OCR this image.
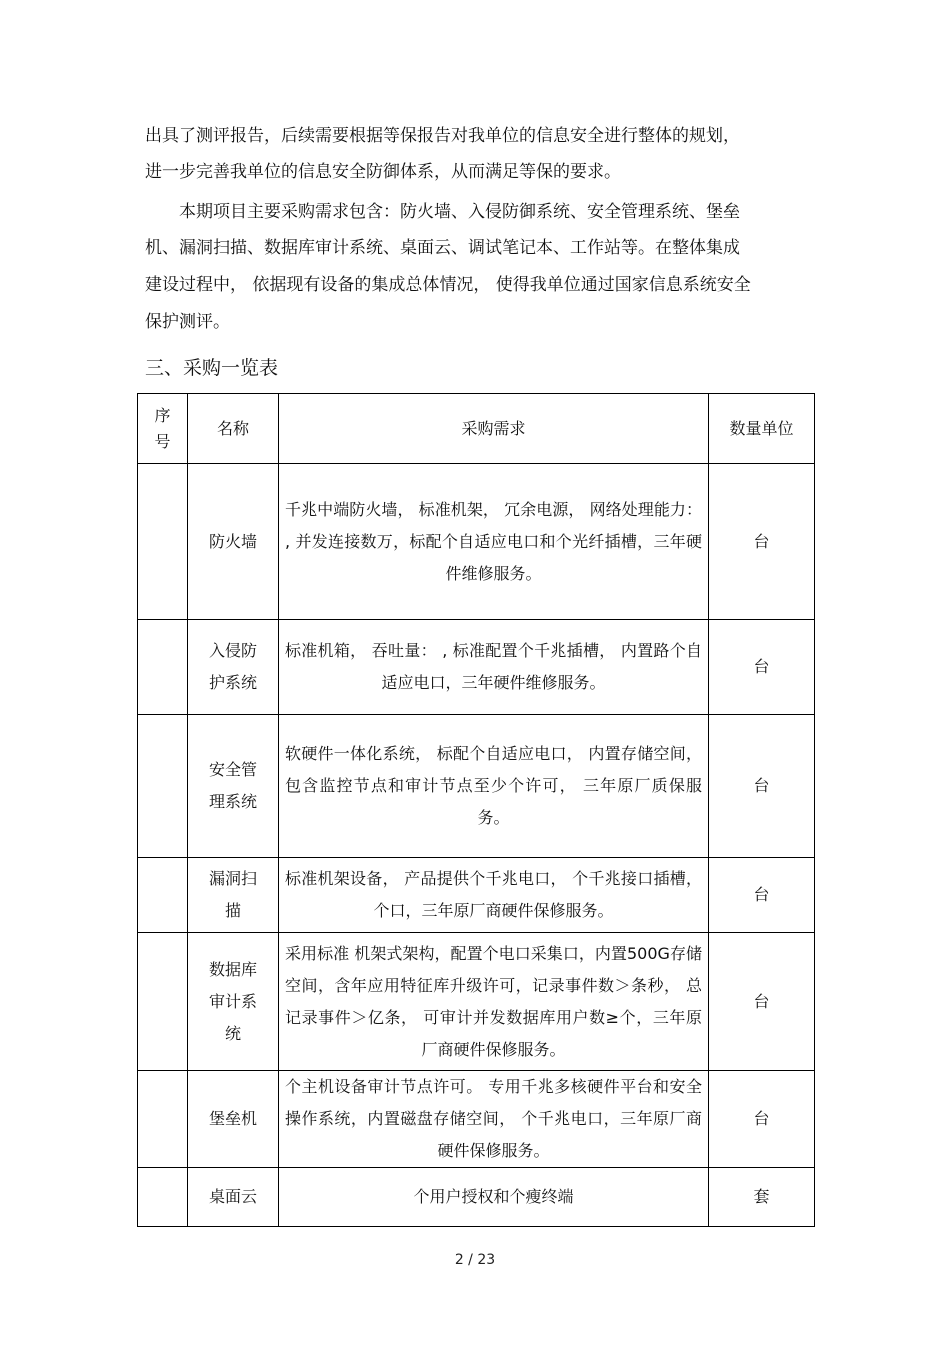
出具了测评报告，后续需要根据等保报告对我单位的信息安全进行整体的规划，
进一步完善我单位的信息安全防御体系，从而满足等保的要求。
本期项目主要采购需求包含：防火墙、入侵防御系统、安全管理系统、堡垒
机、漏洞扫描、数据库审计系统、桌面云、调试笔记本、工作站等。在整体集成
建设过程中， 依据现有设备的集成总体情况， 使得我单位通过国家信息系统安全
保护测评。
三、采购一览表
序号	名称	采购需求	数量单位

	防火墙	千兆中端防火墙， 标准机架， 冗余电源， 网络处理能力： , 并发连接数万，标配个自适应电口和个光纤插槽，三年硬件维修服务。	台

	入侵防护系统	标准机箱， 吞吐量： , 标准配置个千兆插槽， 内置路个自适应电口，三年硬件维修服务。	台

	安全管理系统	软硬件一体化系统， 标配个自适应电口， 内置存储空间，包含监控节点和审计节点至少个许可， 三年原厂质保服务。	台

	漏洞扫描	标准机架设备， 产品提供个千兆电口， 个千兆接口插槽，个口，三年原厂商硬件保修服务。	台

	数据库审计系统	采用标准 机架式架构，配置个电口采集口，内置500G存储空间，含年应用特征库升级许可，记录事件数＞条秒， 总记录事件＞亿条， 可审计并发数据库用户数≥个，三年原厂商硬件保修服务。	台

	堡垒机	个主机设备审计节点许可。 专用千兆多核硬件平台和安全操作系统，内置磁盘存储空间， 个千兆电口，三年原厂商硬件保修服务。	台

	桌面云	个用户授权和个瘦终端	套
2 / 23
